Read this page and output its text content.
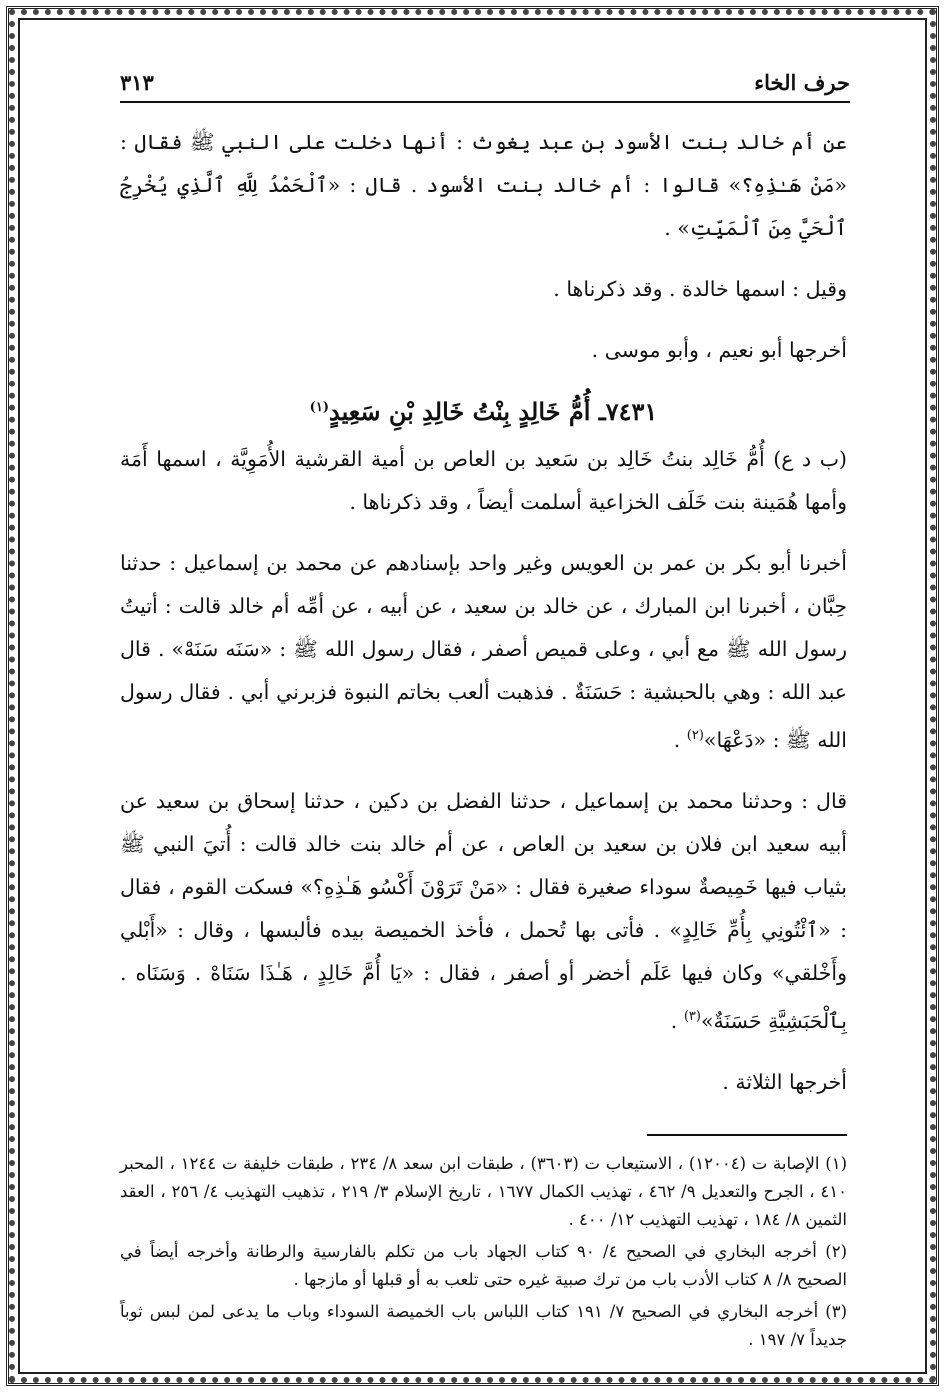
حرف الخاء
٣١٣

عن أم خالد بنت الأسود بن عبد يغوث : أنها دخلت على النبي ﷺ فقال : «مَنْ هَـٰذِهِ؟» قالوا : أم خالد بنت الأسود . قال : «ٱلْحَمْدُ لِلَّهِ ٱلَّذِي يُخْرِجُ ٱلْحَيَّ مِنَ ٱلْمَيِّتِ» .

وقيل : اسمها خالدة . وقد ذكرناها .

أخرجها أبو نعيم ، وأبو موسى .

٧٤٣١ـ أُمُّ خَالِدٍ بِنْتُ خَالِدِ بْنِ سَعِيدٍ$^{(١)}$

(ب د ع) أُمُّ خَالِد بنتُ خَالِد بن سَعيد بن العاص بن أمية القرشية الأُمَوِيَّة ، اسمها أَمَة وأمها هُمَينة بنت خَلَف الخزاعية أسلمت أيضاً ، وقد ذكرناها .

أخبرنا أبو بكر بن عمر بن العويس وغير واحد بإسنادهم عن محمد بن إسماعيل : حدثنا حِبَّان ، أخبرنا ابن المبارك ، عن خالد بن سعيد ، عن أبيه ، عن أمِّه أم خالد قالت : أتيتُ رسول الله ﷺ مع أبي ، وعلى قميص أصفر ، فقال رسول الله ﷺ : «سَنَه سَنَهْ» . قال عبد الله : وهي بالحبشية : حَسَنَةٌ . فذهبت ألعب بخاتم النبوة فزبرني أبي . فقال رسول الله ﷺ : «دَعْهَا»$^{(٢)}$ .

قال : وحدثنا محمد بن إسماعيل ، حدثنا الفضل بن دكين ، حدثنا إسحاق بن سعيد عن أبيه سعيد ابن فلان بن سعيد بن العاص ، عن أم خالد بنت خالد قالت : أُتيَ النبي ﷺ بثياب فيها خَمِيصةٌ سوداء صغيرة فقال : «مَنْ تَرَوْنَ أَكْسُو هَـٰذِهِ؟» فسكت القوم ، فقال : «ٱئْتُونِي بِأُمِّ خَالِدٍ» . فأتى بها تُحمل ، فأخذ الخميصة بيده فألبسها ، وقال : «أَبْلي وأَخْلقي» وكان فيها عَلَم أخضر أو أصفر ، فقال : «يَا أُمَّ خَالِدٍ ، هَـٰذَا سَنَاهْ . وَسَنَاه . بِٱلْحَبَشِيَّةِ حَسَنَةٌ»$^{(٣)}$ .

أخرجها الثلاثة .

(١) الإصابة ت (١٢٠٠٤) ، الاستيعاب ت (٣٦٠٣) ، طبقات ابن سعد ٨/ ٢٣٤ ، طبقات خليفة ت ١٢٤٤ ، المحبر ٤١٠ ، الجرح والتعديل ٩/ ٤٦٢ ، تهذيب الكمال ١٦٧٧ ، تاريخ الإسلام ٣/ ٢١٩ ، تذهيب التهذيب ٤/ ٢٥٦ ، العقد الثمين ٨/ ١٨٤ ، تهذيب التهذيب ١٢/ ٤٠٠ .

(٢) أخرجه البخاري في الصحيح ٤/ ٩٠ كتاب الجهاد باب من تكلم بالفارسية والرطانة وأخرجه أيضاً في الصحيح ٨/ ٨ كتاب الأدب باب من ترك صبية غيره حتى تلعب به أو قبلها أو مازجها .

(٣) أخرجه البخاري في الصحيح ٧/ ١٩١ كتاب اللباس باب الخميصة السوداء وباب ما يدعى لمن لبس ثوباً جديداً ٧/ ١٩٧ .
